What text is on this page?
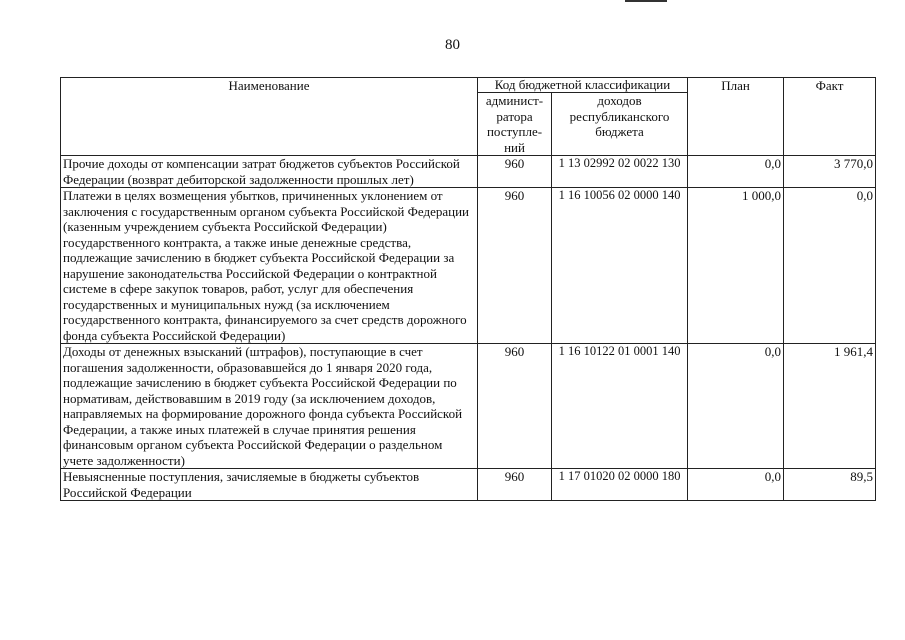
80
Наименование	Код бюджетной классификации		План	Факт
	админист-ратора поступле-ний	доходов республиканского бюджета		
Прочие доходы от компенсации затрат бюджетов субъектов Российской Федерации (возврат дебиторской задолженности прошлых лет)	960	1 13 02992 02 0022 130	0,0	3 770,0
Платежи в целях возмещения убытков, причиненных уклонением от заключения с государственным органом субъекта Российской Федерации (казенным учреждением субъекта Российской Федерации) государственного контракта, а также иные денежные средства, подлежащие зачислению в бюджет субъекта Российской Федерации за нарушение законодательства Российской Федерации о контрактной системе в сфере закупок товаров, работ, услуг для обеспечения государственных и муниципальных нужд (за исключением государственного контракта, финансируемого за счет средств дорожного фонда субъекта Российской Федерации)	960	1 16 10056 02 0000 140	1 000,0	0,0
Доходы от денежных взысканий (штрафов), поступающие в счет погашения задолженности, образовавшейся до 1 января 2020 года, подлежащие зачислению в бюджет субъекта Российской Федерации по нормативам, действовавшим в 2019 году (за исключением доходов, направляемых на формирование дорожного фонда субъекта Российской Федерации, а также иных платежей в случае принятия решения финансовым органом субъекта Российской Федерации о раздельном учете задолженности)	960	1 16 10122 01 0001 140	0,0	1 961,4
Невыясненные поступления, зачисляемые в бюджеты субъектов Российской Федерации	960	1 17 01020 02 0000 180	0,0	89,5
